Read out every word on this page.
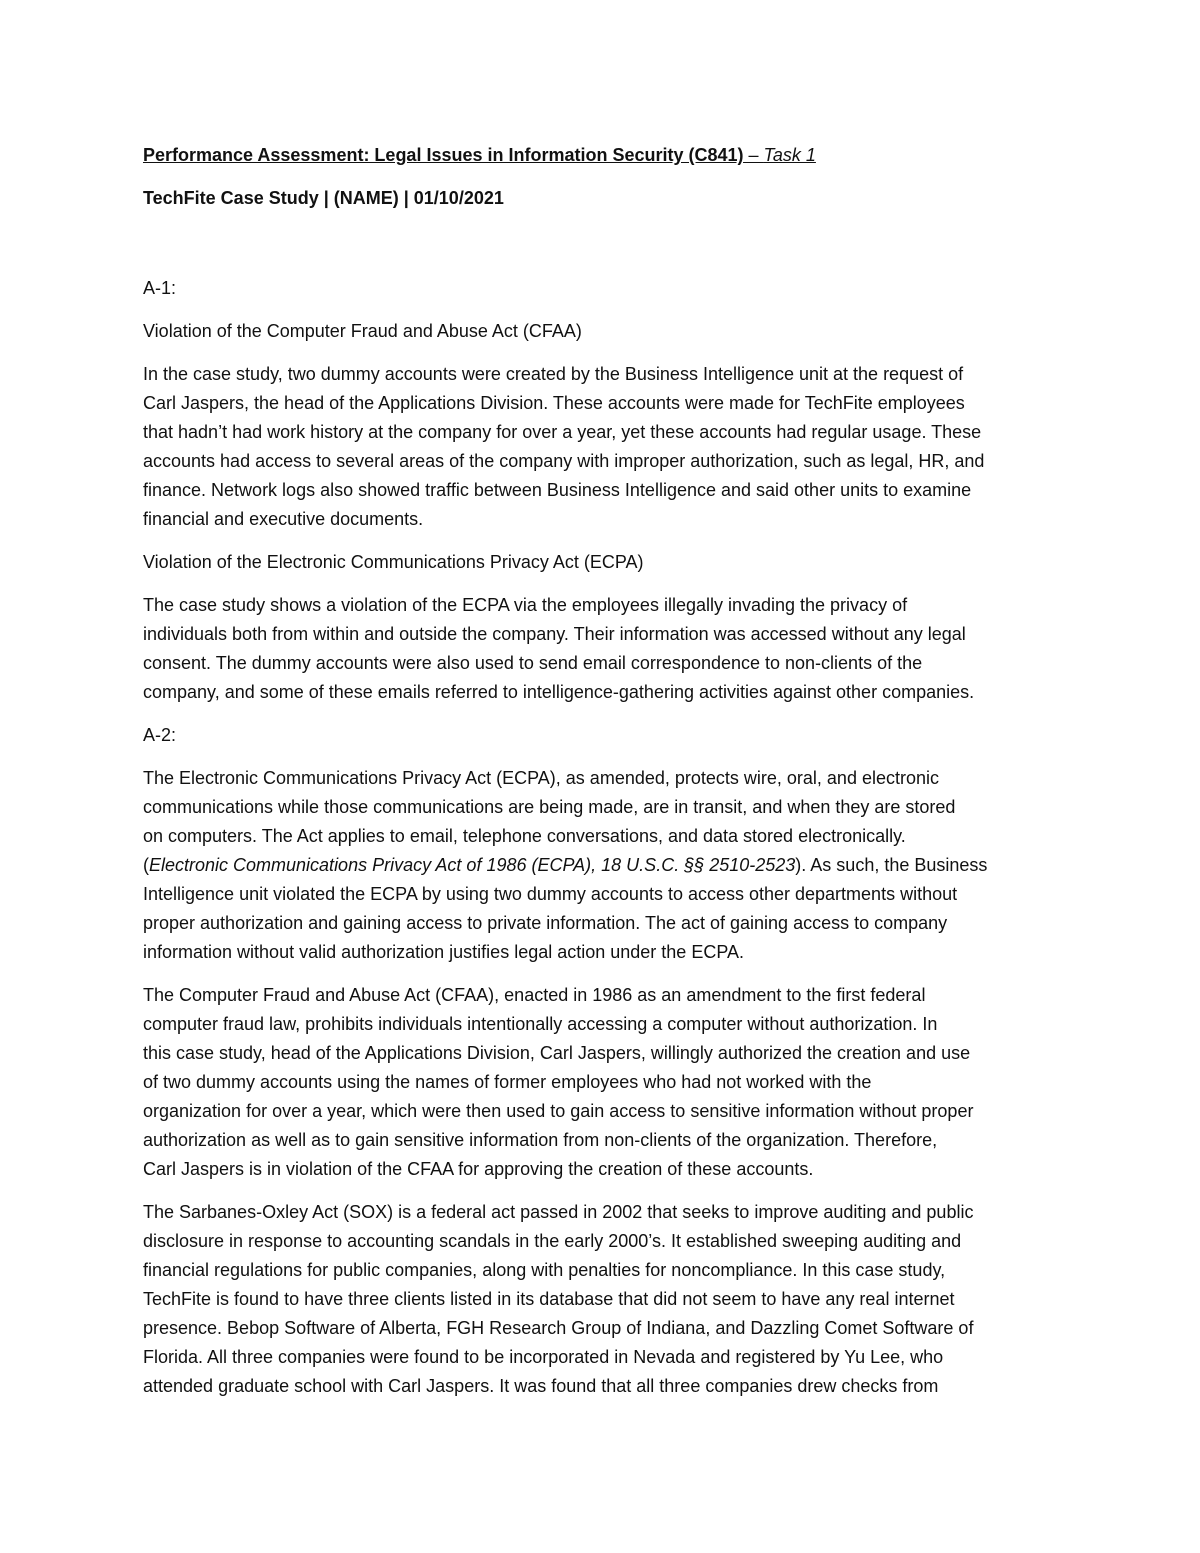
Performance Assessment: Legal Issues in Information Security (C841) – Task 1
TechFite Case Study | (NAME) | 01/10/2021
A-1:
Violation of the Computer Fraud and Abuse Act (CFAA)
In the case study, two dummy accounts were created by the Business Intelligence unit at the request of
Carl Jaspers, the head of the Applications Division. These accounts were made for TechFite employees
that hadn’t had work history at the company for over a year, yet these accounts had regular usage. These
accounts had access to several areas of the company with improper authorization, such as legal, HR, and
finance. Network logs also showed traffic between Business Intelligence and said other units to examine
financial and executive documents.
Violation of the Electronic Communications Privacy Act (ECPA)
The case study shows a violation of the ECPA via the employees illegally invading the privacy of
individuals both from within and outside the company. Their information was accessed without any legal
consent. The dummy accounts were also used to send email correspondence to non-clients of the
company, and some of these emails referred to intelligence-gathering activities against other companies.
A-2:
The Electronic Communications Privacy Act (ECPA), as amended, protects wire, oral, and electronic
communications while those communications are being made, are in transit, and when they are stored
on computers. The Act applies to email, telephone conversations, and data stored electronically.
(Electronic Communications Privacy Act of 1986 (ECPA), 18 U.S.C. §§ 2510-2523). As such, the Business
Intelligence unit violated the ECPA by using two dummy accounts to access other departments without
proper authorization and gaining access to private information. The act of gaining access to company
information without valid authorization justifies legal action under the ECPA.
The Computer Fraud and Abuse Act (CFAA), enacted in 1986 as an amendment to the first federal
computer fraud law, prohibits individuals intentionally accessing a computer without authorization. In
this case study, head of the Applications Division, Carl Jaspers, willingly authorized the creation and use
of two dummy accounts using the names of former employees who had not worked with the
organization for over a year, which were then used to gain access to sensitive information without proper
authorization as well as to gain sensitive information from non-clients of the organization. Therefore,
Carl Jaspers is in violation of the CFAA for approving the creation of these accounts.
The Sarbanes-Oxley Act (SOX) is a federal act passed in 2002 that seeks to improve auditing and public
disclosure in response to accounting scandals in the early 2000’s. It established sweeping auditing and
financial regulations for public companies, along with penalties for noncompliance. In this case study,
TechFite is found to have three clients listed in its database that did not seem to have any real internet
presence. Bebop Software of Alberta, FGH Research Group of Indiana, and Dazzling Comet Software of
Florida. All three companies were found to be incorporated in Nevada and registered by Yu Lee, who
attended graduate school with Carl Jaspers. It was found that all three companies drew checks from
